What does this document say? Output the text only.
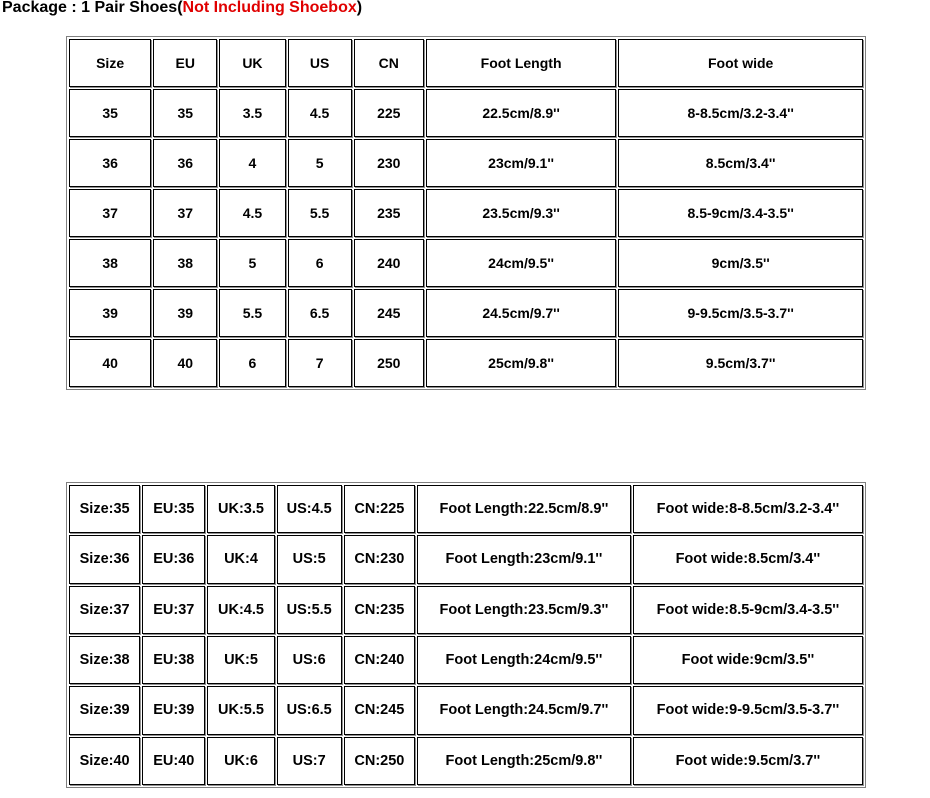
Package : 1 Pair Shoes(Not Including Shoebox)
Size	EU	UK	US	CN	Foot Length	Foot wide
35	35	3.5	4.5	225	22.5cm/8.9''	8-8.5cm/3.2-3.4''
36	36	4	5	230	23cm/9.1''	8.5cm/3.4''
37	37	4.5	5.5	235	23.5cm/9.3''	8.5-9cm/3.4-3.5''
38	38	5	6	240	24cm/9.5''	9cm/3.5''
39	39	5.5	6.5	245	24.5cm/9.7''	9-9.5cm/3.5-3.7''
40	40	6	7	250	25cm/9.8''	9.5cm/3.7''
Size:35	EU:35	UK:3.5	US:4.5	CN:225	Foot Length:22.5cm/8.9''	Foot wide:8-8.5cm/3.2-3.4''
Size:36	EU:36	UK:4	US:5	CN:230	Foot Length:23cm/9.1''	Foot wide:8.5cm/3.4''
Size:37	EU:37	UK:4.5	US:5.5	CN:235	Foot Length:23.5cm/9.3''	Foot wide:8.5-9cm/3.4-3.5''
Size:38	EU:38	UK:5	US:6	CN:240	Foot Length:24cm/9.5''	Foot wide:9cm/3.5''
Size:39	EU:39	UK:5.5	US:6.5	CN:245	Foot Length:24.5cm/9.7''	Foot wide:9-9.5cm/3.5-3.7''
Size:40	EU:40	UK:6	US:7	CN:250	Foot Length:25cm/9.8''	Foot wide:9.5cm/3.7''
